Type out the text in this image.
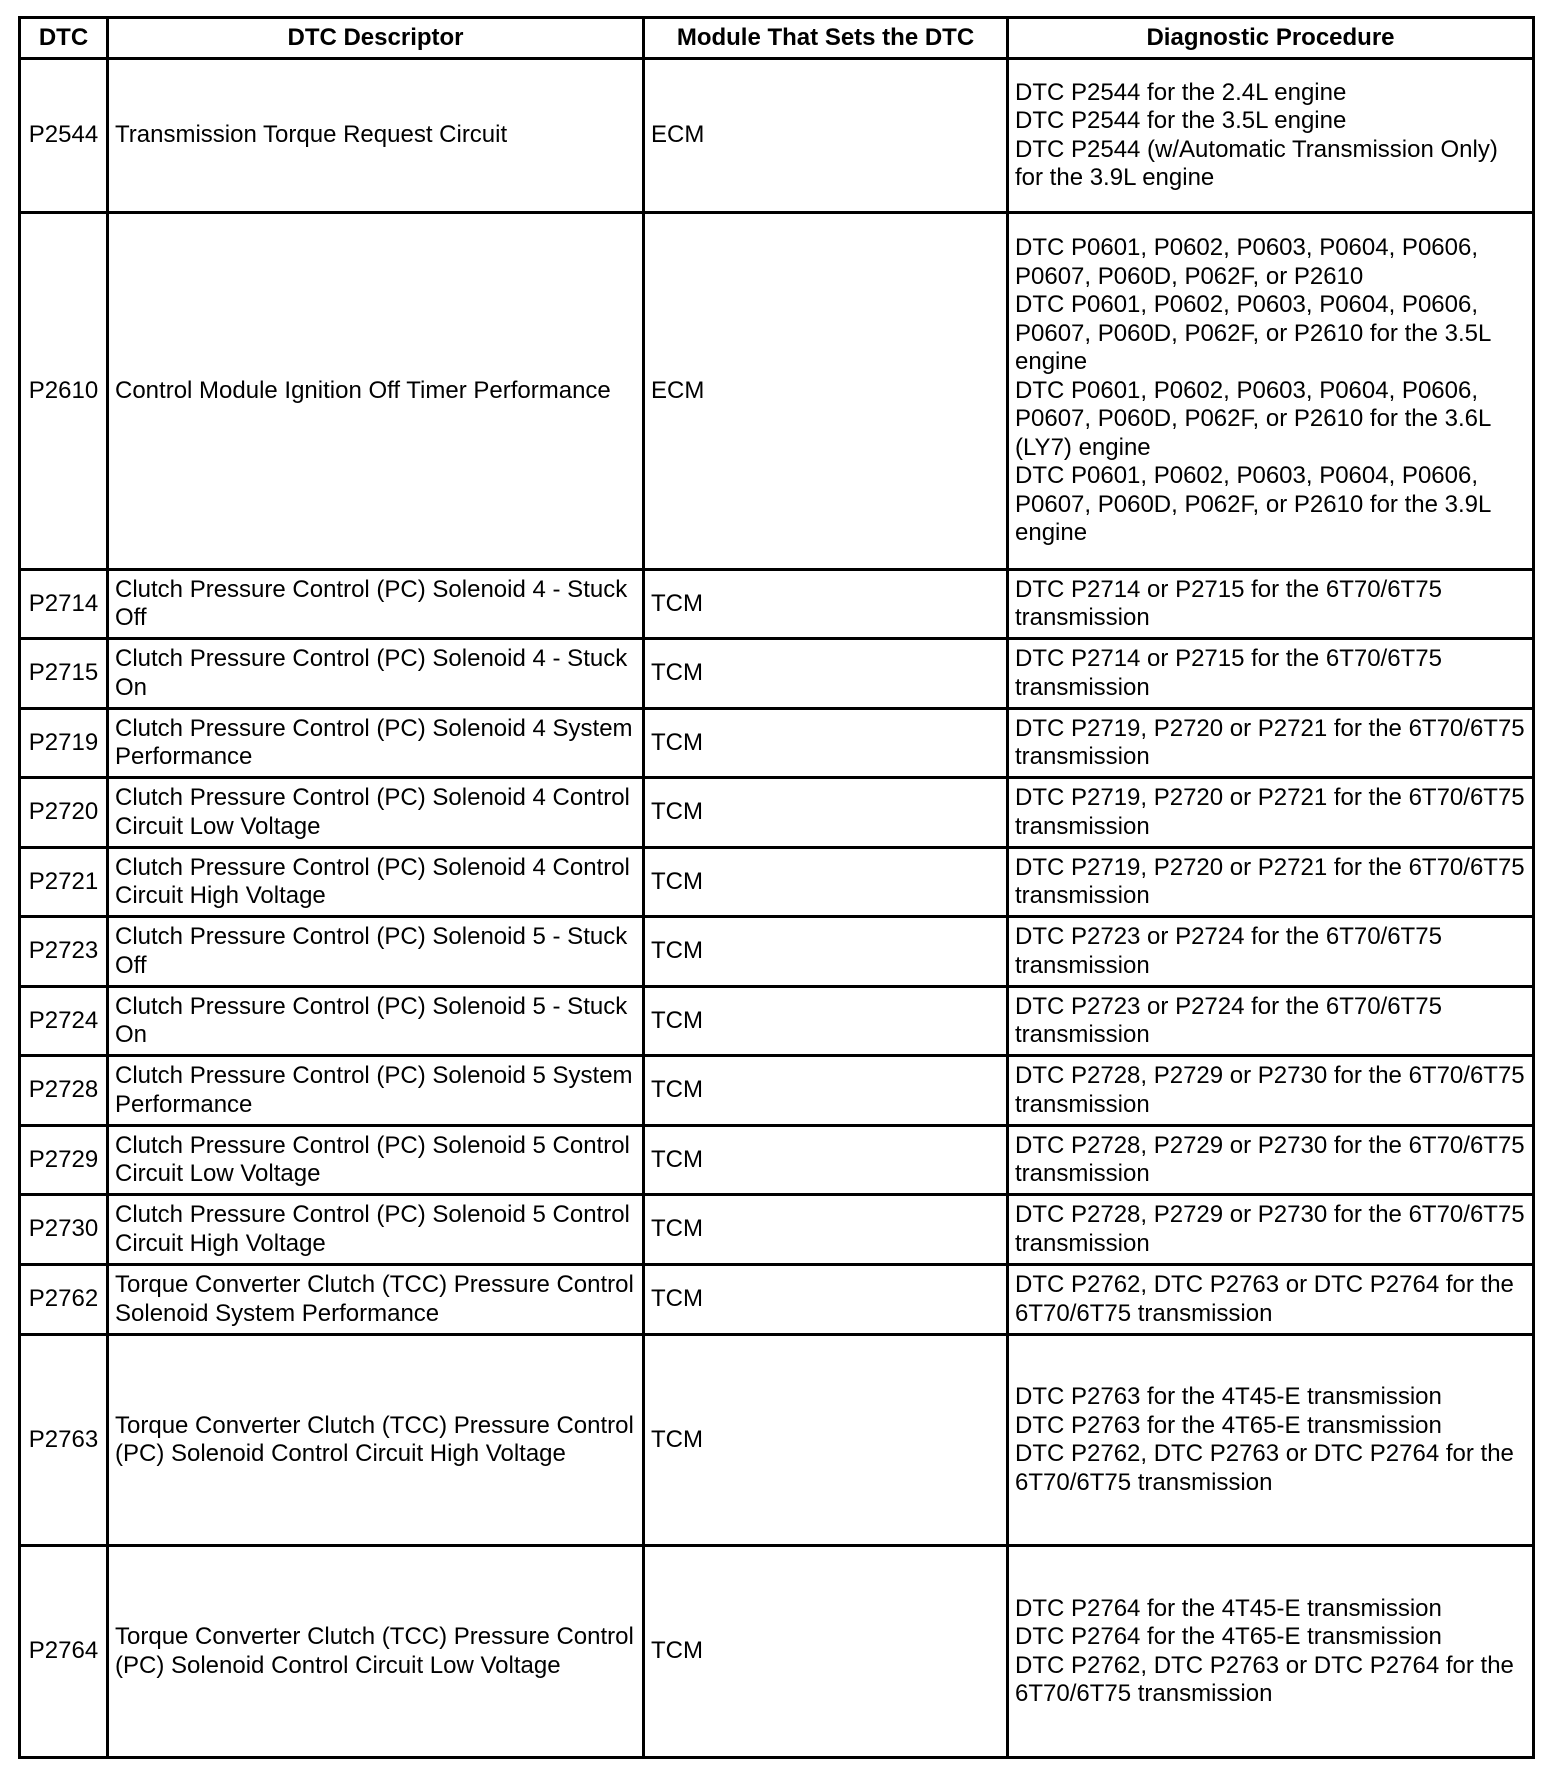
DTC	DTC Descriptor	Module That Sets the DTC	Diagnostic Procedure
P2544	Transmission Torque Request Circuit	ECM	DTC P2544 for the 2.4L engine
DTC P2544 for the 3.5L engine
DTC P2544 (w/Automatic Transmission Only) for the 3.9L engine

P2610	Control Module Ignition Off Timer Performance	ECM	DTC P0601, P0602, P0603, P0604, P0606, P0607, P060D, P062F, or P2610
DTC P0601, P0602, P0603, P0604, P0606, P0607, P060D, P062F, or P2610 for the 3.5L engine
DTC P0601, P0602, P0603, P0604, P0606, P0607, P060D, P062F, or P2610 for the 3.6L (LY7) engine
DTC P0601, P0602, P0603, P0604, P0606, P0607, P060D, P062F, or P2610 for the 3.9L engine

P2714	Clutch Pressure Control (PC) Solenoid 4 - Stuck Off	TCM	DTC P2714 or P2715 for the 6T70/6T75 transmission

P2715	Clutch Pressure Control (PC) Solenoid 4 - Stuck On	TCM	DTC P2714 or P2715 for the 6T70/6T75 transmission

P2719	Clutch Pressure Control (PC) Solenoid 4 System Performance	TCM	DTC P2719, P2720 or P2721 for the 6T70/6T75 transmission

P2720	Clutch Pressure Control (PC) Solenoid 4 Control Circuit Low Voltage	TCM	DTC P2719, P2720 or P2721 for the 6T70/6T75 transmission

P2721	Clutch Pressure Control (PC) Solenoid 4 Control Circuit High Voltage	TCM	DTC P2719, P2720 or P2721 for the 6T70/6T75 transmission

P2723	Clutch Pressure Control (PC) Solenoid 5 - Stuck Off	TCM	DTC P2723 or P2724 for the 6T70/6T75 transmission

P2724	Clutch Pressure Control (PC) Solenoid 5 - Stuck On	TCM	DTC P2723 or P2724 for the 6T70/6T75 transmission

P2728	Clutch Pressure Control (PC) Solenoid 5 System Performance	TCM	DTC P2728, P2729 or P2730 for the 6T70/6T75 transmission

P2729	Clutch Pressure Control (PC) Solenoid 5 Control Circuit Low Voltage	TCM	DTC P2728, P2729 or P2730 for the 6T70/6T75 transmission

P2730	Clutch Pressure Control (PC) Solenoid 5 Control Circuit High Voltage	TCM	DTC P2728, P2729 or P2730 for the 6T70/6T75 transmission

P2762	Torque Converter Clutch (TCC) Pressure Control Solenoid System Performance	TCM	DTC P2762, DTC P2763 or DTC P2764 for the 6T70/6T75 transmission

P2763	Torque Converter Clutch (TCC) Pressure Control (PC) Solenoid Control Circuit High Voltage	TCM	DTC P2763 for the 4T45-E transmission
DTC P2763 for the 4T65-E transmission
DTC P2762, DTC P2763 or DTC P2764 for the 6T70/6T75 transmission

P2764	Torque Converter Clutch (TCC) Pressure Control (PC) Solenoid Control Circuit Low Voltage	TCM	DTC P2764 for the 4T45-E transmission
DTC P2764 for the 4T65-E transmission
DTC P2762, DTC P2763 or DTC P2764 for the 6T70/6T75 transmission
